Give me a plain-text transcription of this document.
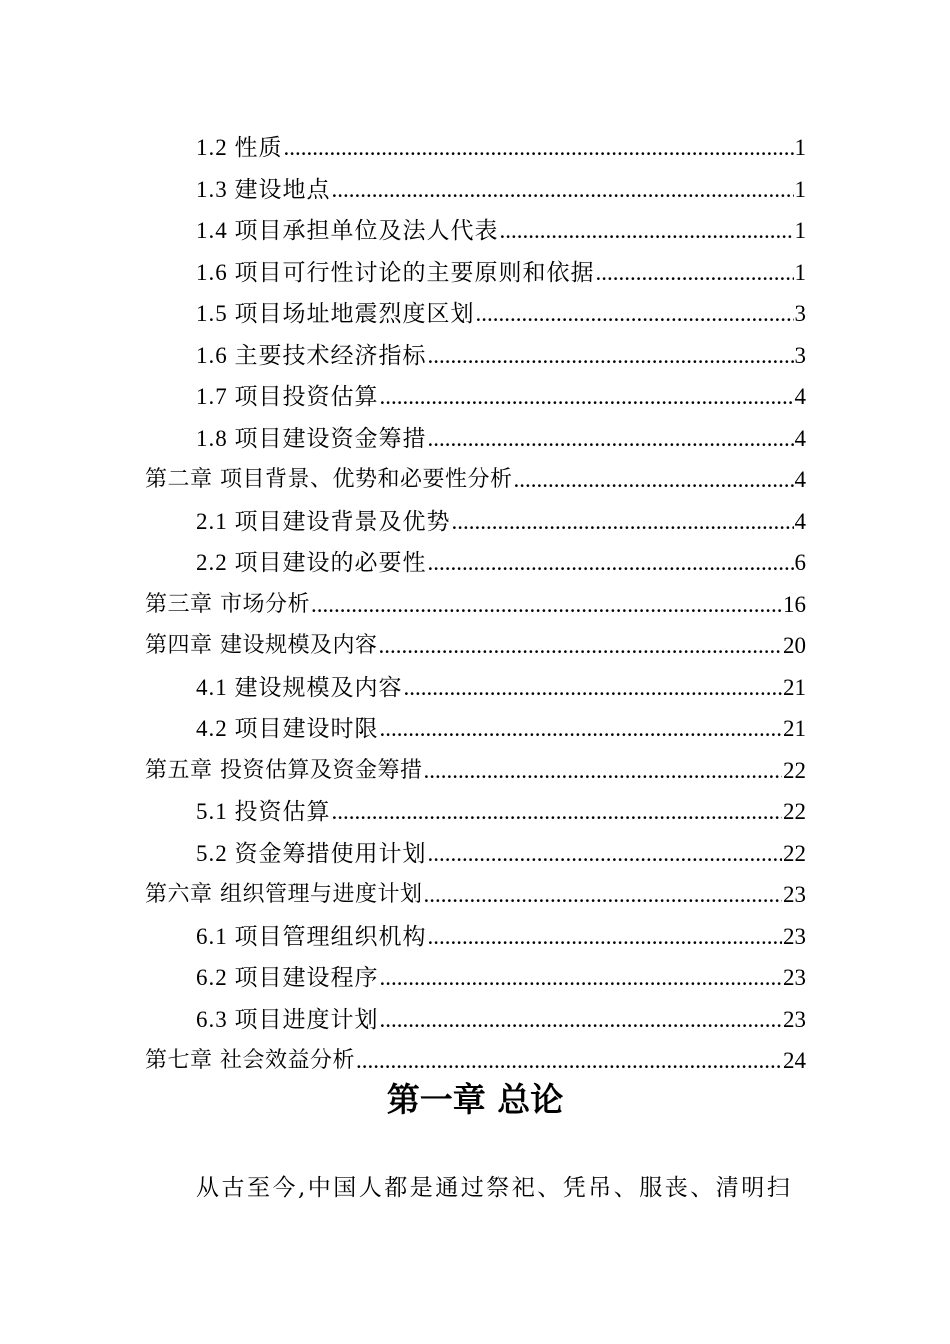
1.2 性质 .....	1
1.3 建设地点 .....	1
1.4 项目承担单位及法人代表 .....	1
1.6 项目可行性讨论的主要原则和依据 .....	1
1.5 项目场址地震烈度区划 .....	3
1.6 主要技术经济指标 .....	3
1.7 项目投资估算 .....	4
1.8 项目建设资金筹措 .....	4
第二章 项目背景、优势和必要性分析 .....	4
2.1 项目建设背景及优势 .....	4
2.2 项目建设的必要性 .....	6
第三章 市场分析 .....	16
第四章 建设规模及内容 .....	20
4.1 建设规模及内容 .....	21
4.2 项目建设时限 .....	21
第五章 投资估算及资金筹措 .....	22
5.1 投资估算 .....	22
5.2 资金筹措使用计划 .....	22
第六章 组织管理与进度计划 .....	23
6.1 项目管理组织机构 .....	23
6.2 项目建设程序 .....	23
6.3 项目进度计划 .....	23
第七章 社会效益分析 .....	24
第一章 总论
从古至今,中国人都是通过祭祀、凭吊、服丧、清明扫
